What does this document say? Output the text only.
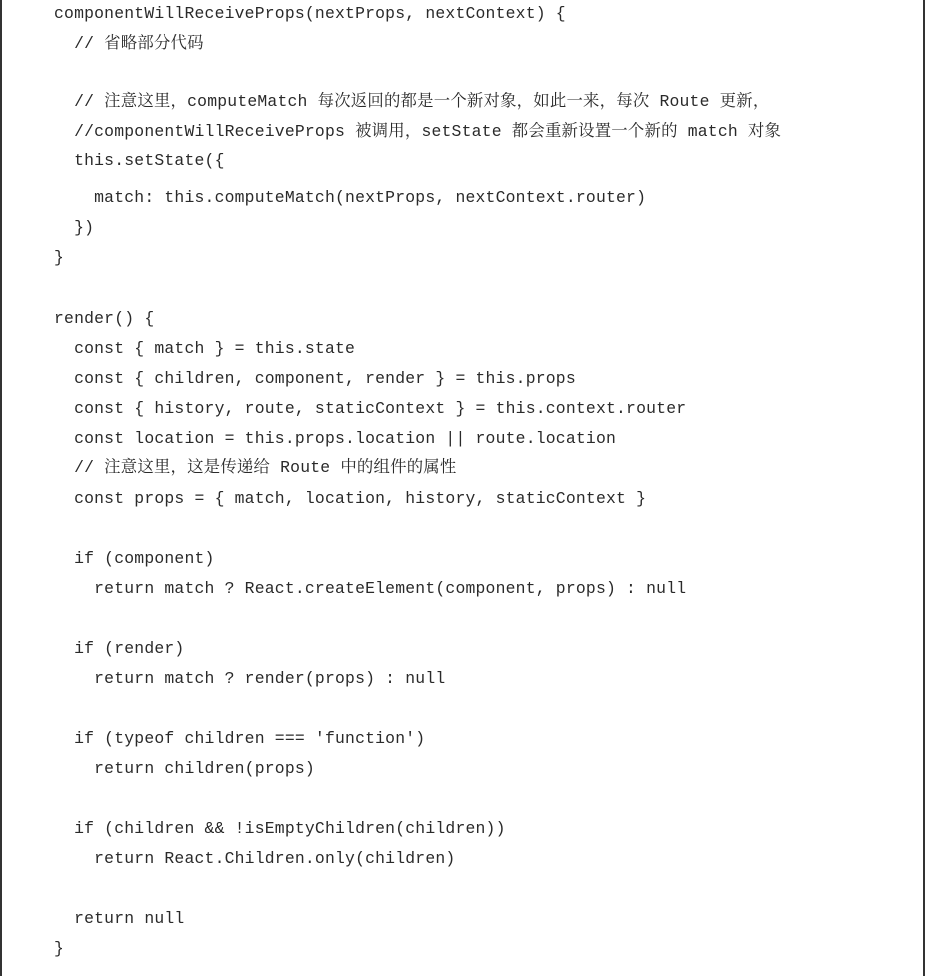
componentWillReceiveProps(nextProps, nextContext) {
// 省略部分代码
// 注意这里，computeMatch 每次返回的都是一个新对象，如此一来，每次 Route 更新，
//componentWillReceiveProps 被调用，setState 都会重新设置一个新的 match 对象
this.setState({
match: this.computeMatch(nextProps, nextContext.router)
})
}
render() {
const { match } = this.state
const { children, component, render } = this.props
const { history, route, staticContext } = this.context.router
const location = this.props.location || route.location
// 注意这里，这是传递给 Route 中的组件的属性
const props = { match, location, history, staticContext }
if (component)
return match ? React.createElement(component, props) : null
if (render)
return match ? render(props) : null
if (typeof children === 'function')
return children(props)
if (children && !isEmptyChildren(children))
return React.Children.only(children)
return null
}
